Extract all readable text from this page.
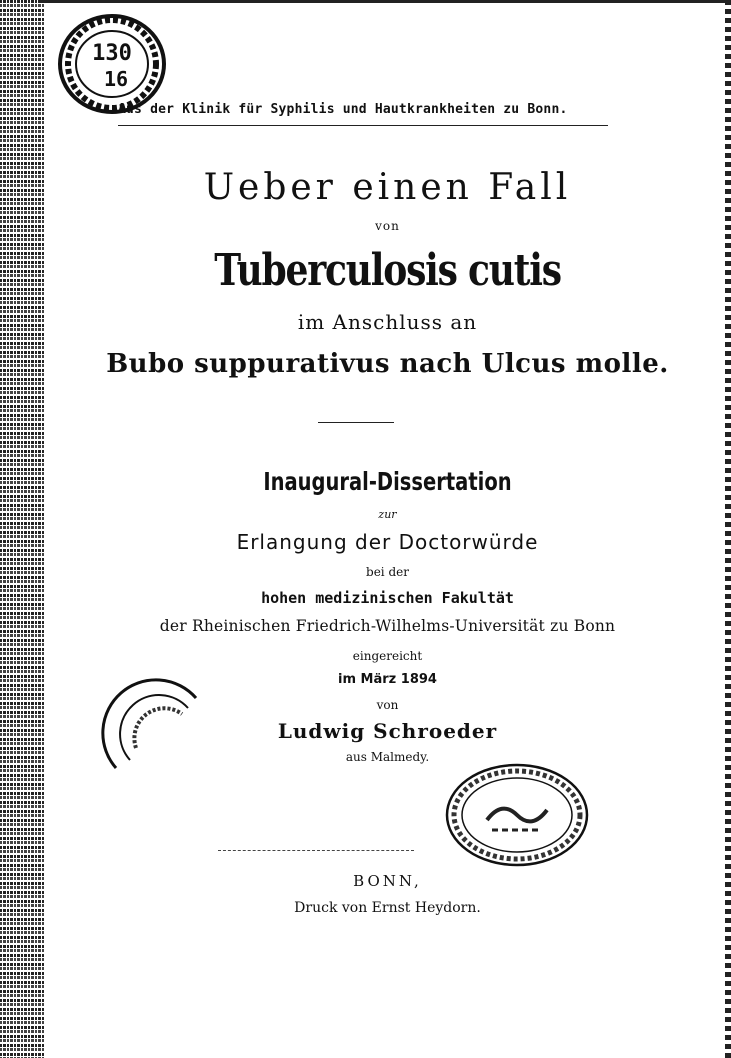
130
16
Aus der Klinik für Syphilis und Hautkrankheiten zu Bonn.
Ueber einen Fall
von
Tuberculosis cutis
im Anschluss an
Bubo suppurativus nach Ulcus molle.
Inaugural-Dissertation
zur
Erlangung der Doctorwürde
bei der
hohen medizinischen Fakultät
der Rheinischen Friedrich-Wilhelms-Universität zu Bonn
eingereicht
im März 1894
von
Ludwig Schroeder
aus Malmedy.
BONN,
Druck von Ernst Heydorn.
